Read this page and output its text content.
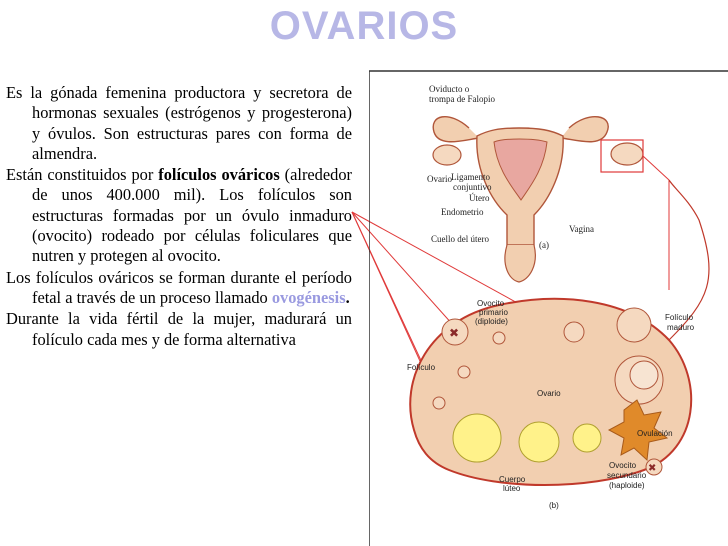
OVARIOS

Es la gónada femenina productora y secretora de hormonas sexuales (estrógenos y progesterona) y óvulos. Son estructuras pares con forma de almendra.

Están constituidos por folículos ováricos (alrededor de unos 400.000 mil). Los folículos son estructuras formadas por un óvulo inmaduro (ovocito) rodeado por células foliculares que nutren y protegen al ovocito.

Los folículos ováricos se forman durante el período fetal a través de un proceso llamado ovogénesis.

Durante la vida fértil de la mujer, madurará un folículo cada mes y de forma alternativa

Oviducto o
trompa de Falopio
Ovario Ligamento
conjuntivo
Útero
Endometrio
Cuello del útero
Vagina
(a)
✖
✖
Ovocito
primario
(diploide)	Folículo
maduro
Folículo
Ovario
Ovulación
Ovocito
secundario
(haploide)
Cuerpo
lúteo
(b)
